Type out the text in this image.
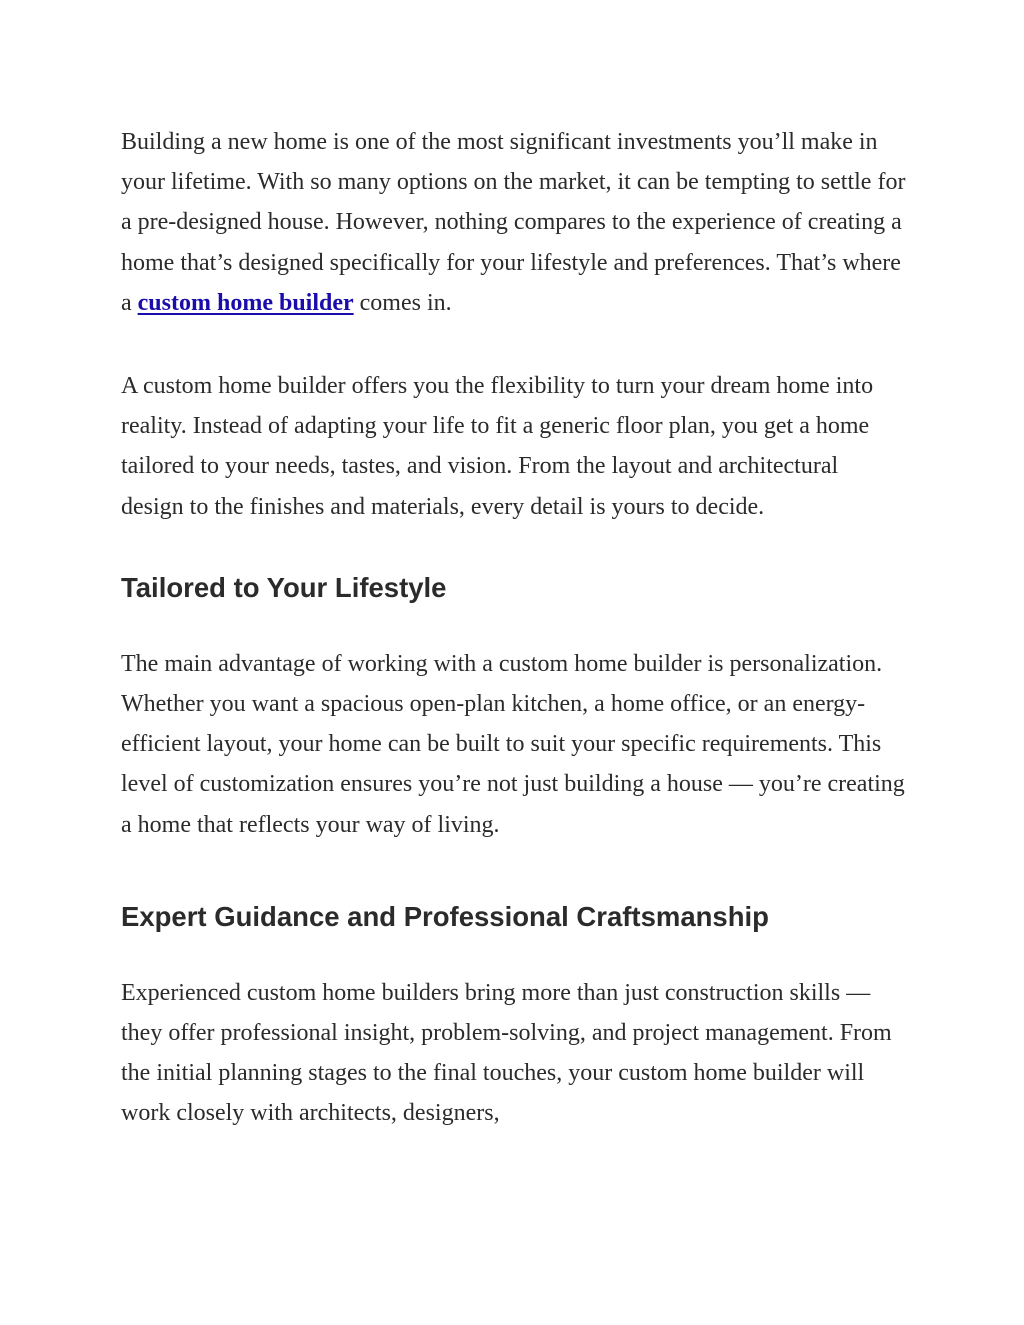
Building a new home is one of the most significant investments you’ll make in your lifetime. With so many options on the market, it can be tempting to settle for a pre-designed house. However, nothing compares to the experience of creating a home that’s designed specifically for your lifestyle and preferences. That’s where a custom home builder comes in.

A custom home builder offers you the flexibility to turn your dream home into reality. Instead of adapting your life to fit a generic floor plan, you get a home tailored to your needs, tastes, and vision. From the layout and architectural design to the finishes and materials, every detail is yours to decide.

Tailored to Your Lifestyle

The main advantage of working with a custom home builder is personalization. Whether you want a spacious open-plan kitchen, a home office, or an energy-efficient layout, your home can be built to suit your specific requirements. This level of customization ensures you’re not just building a house — you’re creating a home that reflects your way of living.

Expert Guidance and Professional Craftsmanship

Experienced custom home builders bring more than just construction skills — they offer professional insight, problem-solving, and project management. From the initial planning stages to the final touches, your custom home builder will work closely with architects, designers,
